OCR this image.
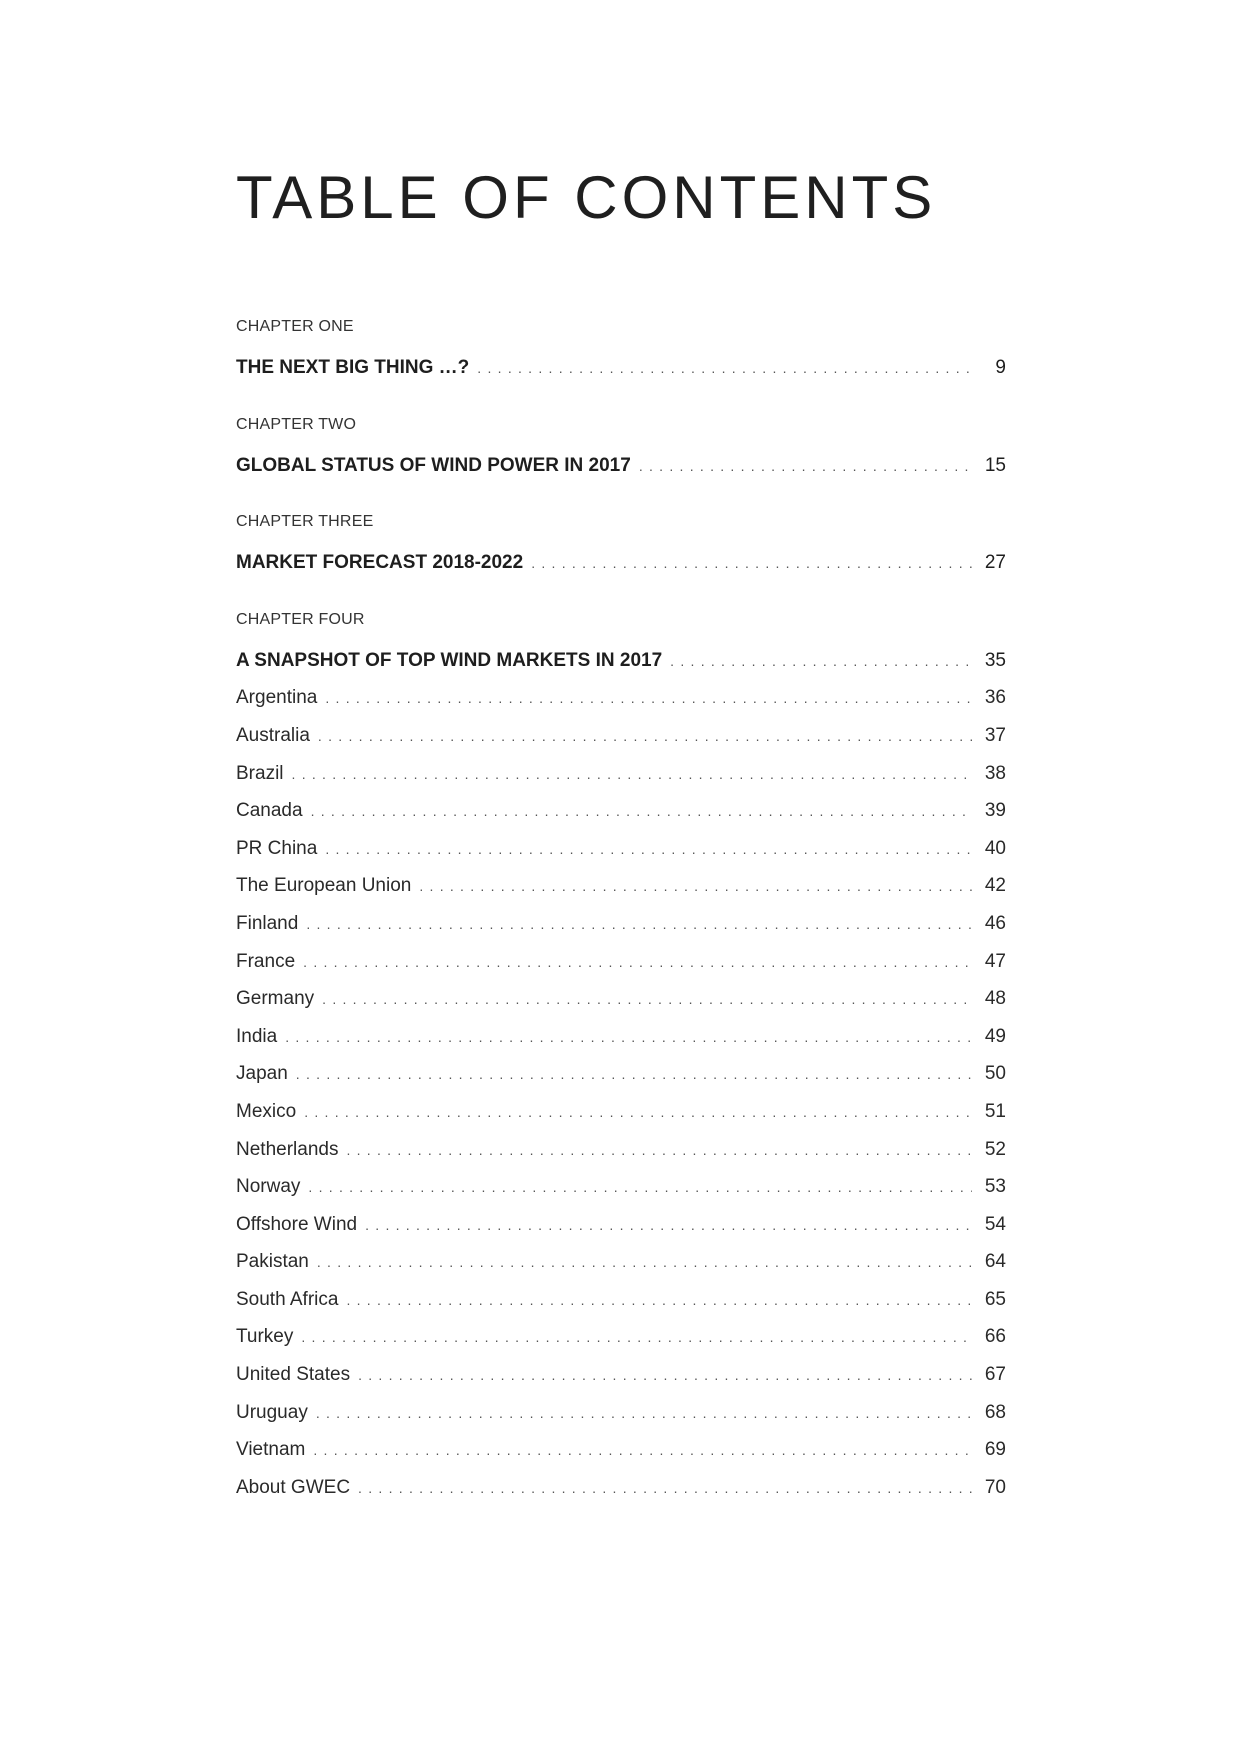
TABLE OF CONTENTS
CHAPTER ONE
THE NEXT BIG THING …? . . .	9
CHAPTER TWO
GLOBAL STATUS OF WIND POWER IN 2017 . . .	15
CHAPTER THREE
MARKET FORECAST 2018-2022 . . .	27
CHAPTER FOUR
A SNAPSHOT OF TOP WIND MARKETS IN 2017 . . .	35
Argentina . . .	36
Australia . . .	37
Brazil . . .	38
Canada . . .	39
PR China . . .	40
The European Union . . .	42
Finland . . .	46
France . . .	47
Germany . . .	48
India . . .	49
Japan . . .	50
Mexico . . .	51
Netherlands . . .	52
Norway . . .	53
Offshore Wind . . .	54
Pakistan . . .	64
South Africa . . .	65
Turkey . . .	66
United States . . .	67
Uruguay . . .	68
Vietnam . . .	69
About GWEC . . .	70
